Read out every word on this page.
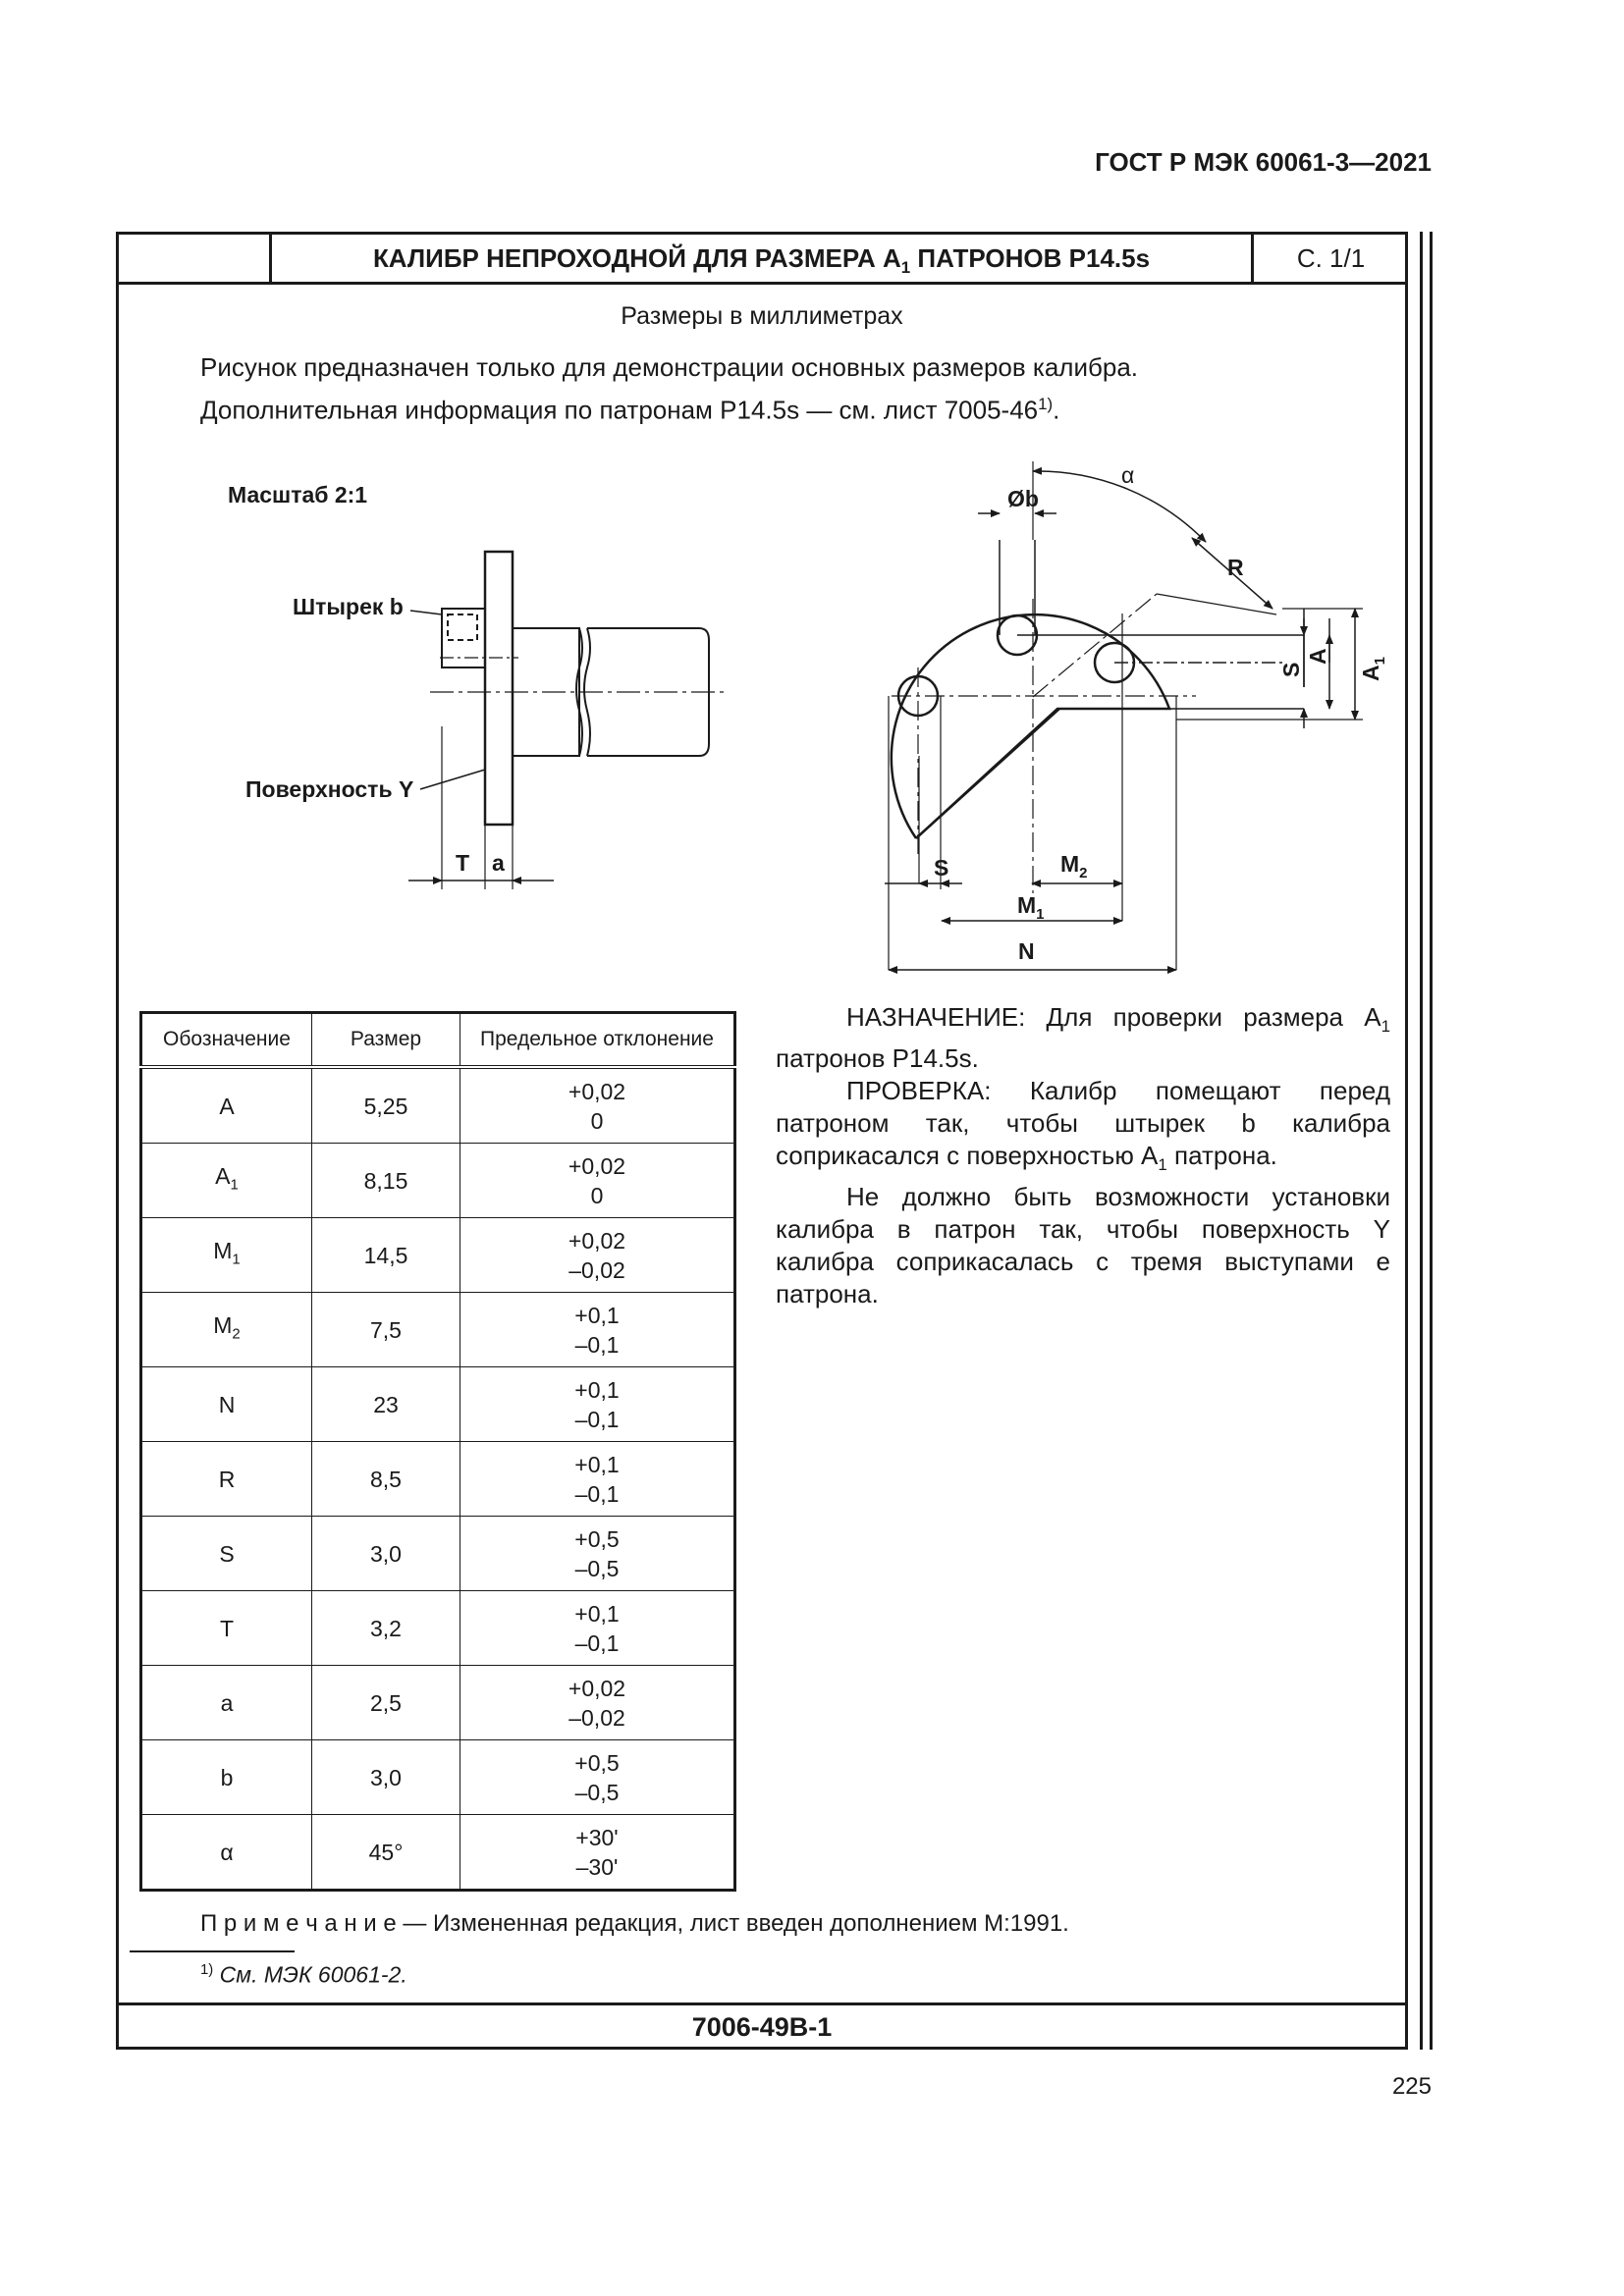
ГОСТ Р МЭК 60061-3—2021
КАЛИБР НЕПРОХОДНОЙ ДЛЯ РАЗМЕРА $A_1$ ПАТРОНОВ Р14.5s	С. 1/1
Размеры в миллиметрах
Рисунок предназначен только для демонстрации основных размеров калибра.
Дополнительная информация по патронам Р14.5s — см. лист 7005-46$^{1)}$.
Масштаб 2:1
Штырек b
Поверхность Y
T a
Øb
α
R
S
A
$A_1$
S	$M_2$
$M_1$
N
Обозначение	Размер	Предельное отклонение
A	5,25	+0,02
0

$A_1$	8,15	+0,02
0

$M_1$	14,5	+0,02
–0,02

$M_2$	7,5	+0,1
–0,1

N	23	+0,1
–0,1

R	8,5	+0,1
–0,1

S	3,0	+0,5
–0,5

T	3,2	+0,1
–0,1

a	2,5	+0,02
–0,02

b	3,0	+0,5
–0,5

α	45°	+30'
–30'

НАЗНАЧЕНИЕ: Для проверки размера $A_1$ патронов Р14.5s.

ПРОВЕРКА: Калибр помещают перед патроном так, чтобы штырек b калибра соприкасался с поверхностью $A_1$ патрона.

Не должно быть возможности установки калибра в патрон так, чтобы поверхность Y калибра соприкасалась с тремя выступами е патрона.

П р и м е ч а н и е — Измененная редакция, лист введен дополнением M:1991.
$^{1)}$ См. МЭК 60061-2.
7006-49B-1
225
